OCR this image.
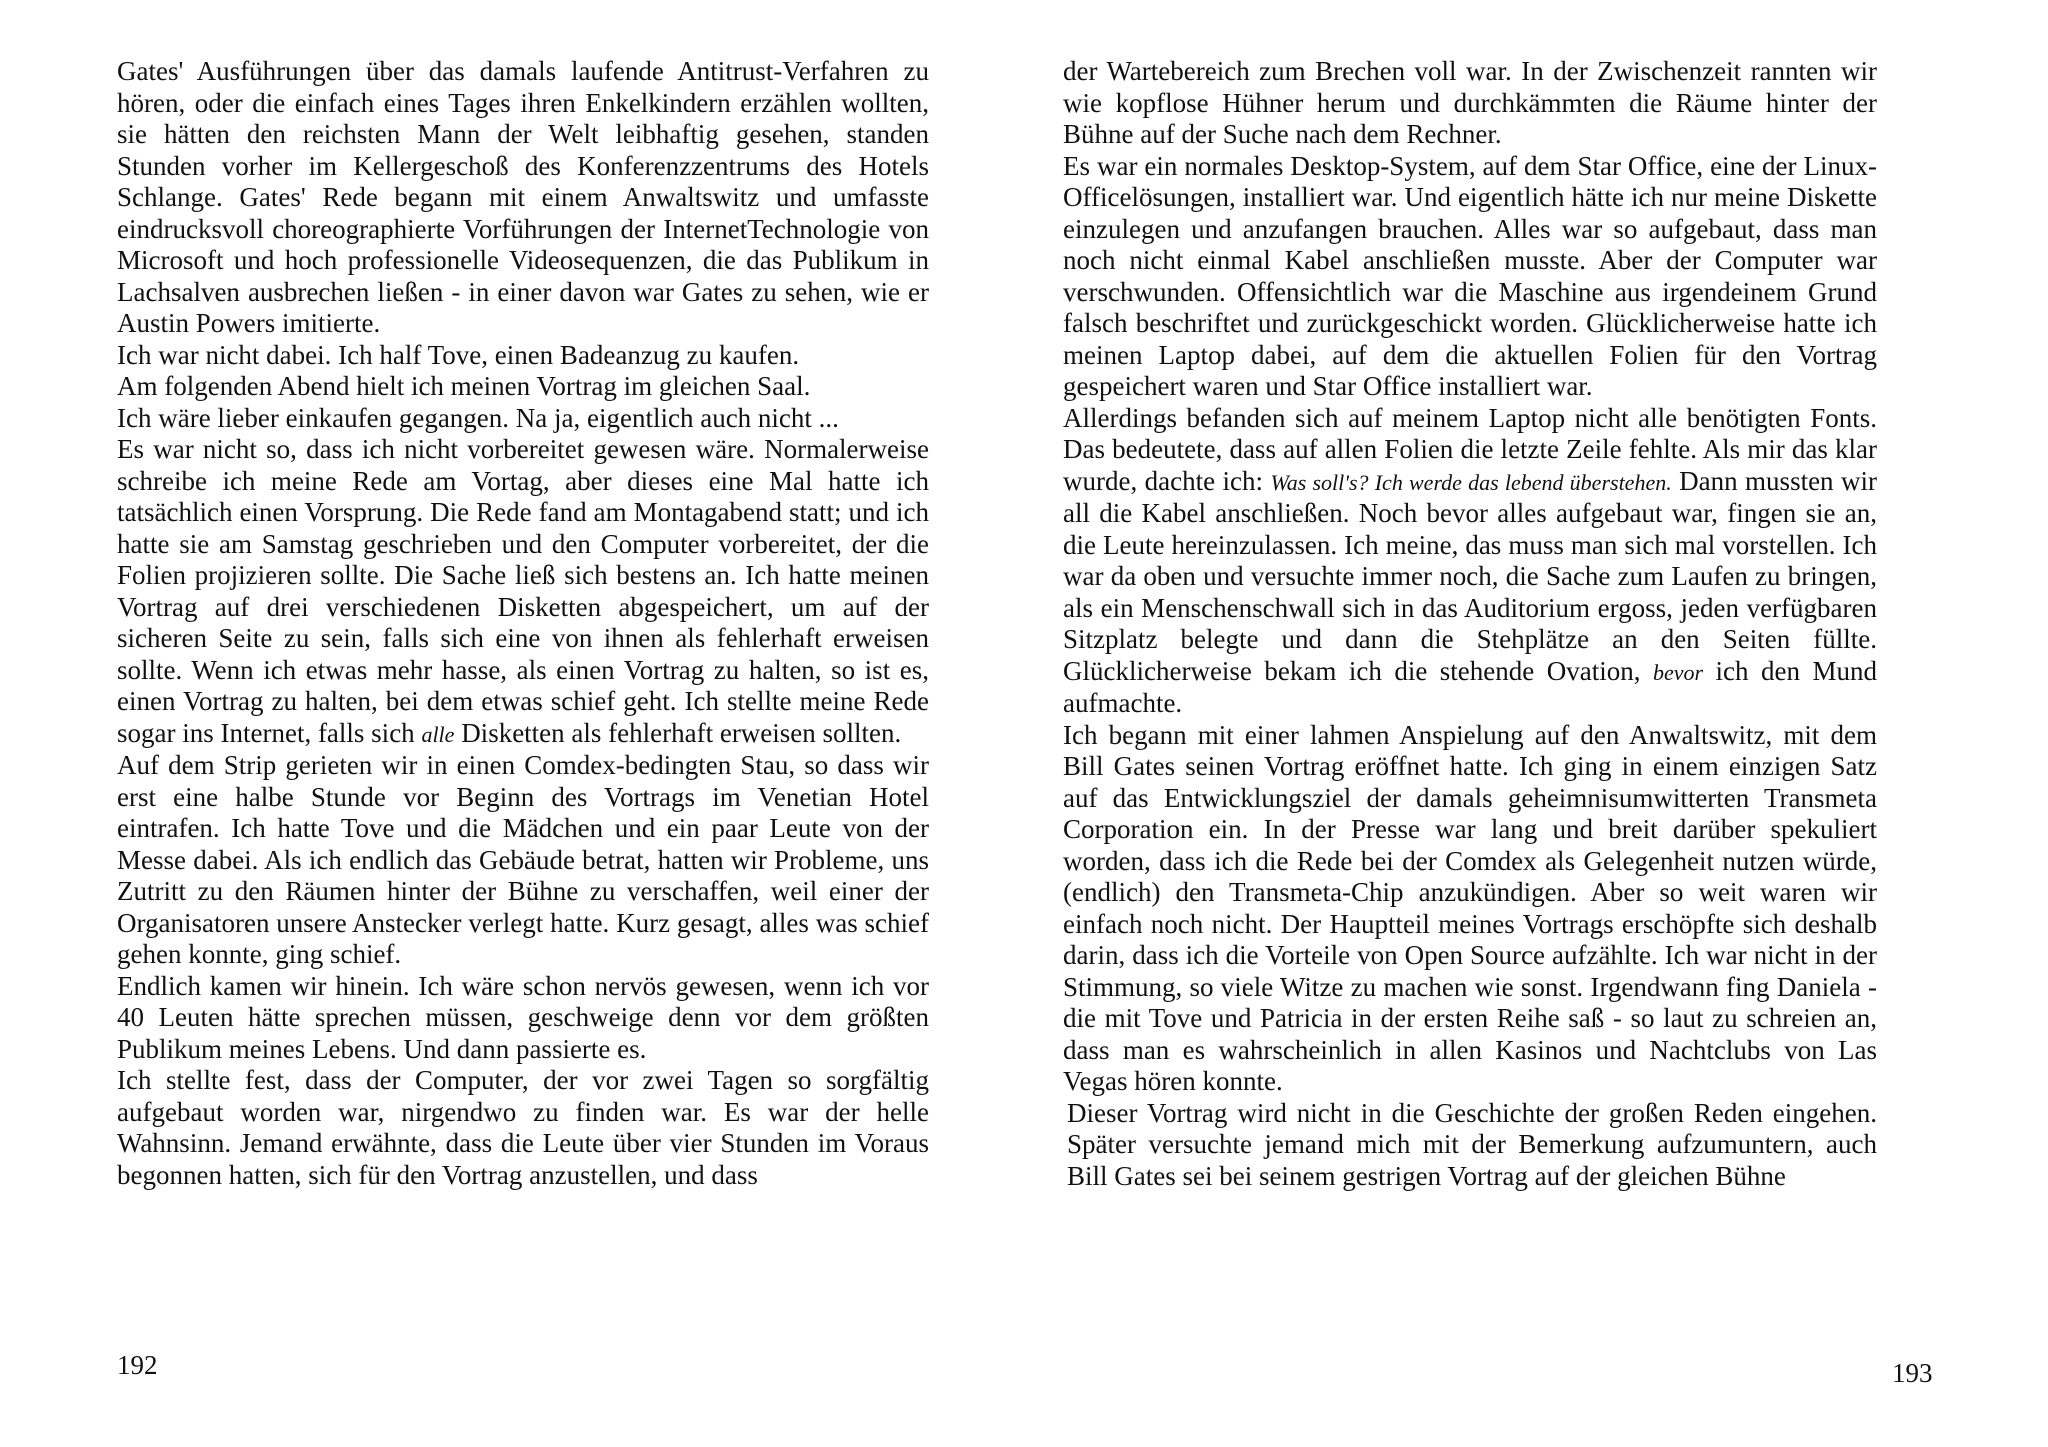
Gates' Ausführungen über das damals laufende Antitrust-Verfahren zu hören, oder die einfach eines Tages ihren Enkelkindern erzählen wollten, sie hätten den reichsten Mann der Welt leibhaftig gesehen, standen Stunden vorher im Kellergeschoß des Konferenzzentrums des Hotels Schlange. Gates' Rede begann mit einem Anwaltswitz und umfasste eindrucksvoll choreographierte Vorführungen der InternetTechnologie von Microsoft und hoch professionelle Videosequenzen, die das Publikum in Lachsalven ausbrechen ließen - in einer davon war Gates zu sehen, wie er Austin Powers imitierte.

Ich war nicht dabei. Ich half Tove, einen Badeanzug zu kaufen.

Am folgenden Abend hielt ich meinen Vortrag im gleichen Saal.

Ich wäre lieber einkaufen gegangen. Na ja, eigentlich auch nicht ...

Es war nicht so, dass ich nicht vorbereitet gewesen wäre. Normalerweise schreibe ich meine Rede am Vortag, aber dieses eine Mal hatte ich tatsächlich einen Vorsprung. Die Rede fand am Montagabend statt; und ich hatte sie am Samstag geschrieben und den Computer vorbereitet, der die Folien projizieren sollte. Die Sache ließ sich bestens an. Ich hatte meinen Vortrag auf drei verschiedenen Disketten abgespeichert, um auf der sicheren Seite zu sein, falls sich eine von ihnen als fehlerhaft erweisen sollte. Wenn ich etwas mehr hasse, als einen Vortrag zu halten, so ist es, einen Vortrag zu halten, bei dem etwas schief geht. Ich stellte meine Rede sogar ins Internet, falls sich alle Disketten als fehlerhaft erweisen sollten.

Auf dem Strip gerieten wir in einen Comdex-bedingten Stau, so dass wir erst eine halbe Stunde vor Beginn des Vortrags im Venetian Hotel eintrafen. Ich hatte Tove und die Mädchen und ein paar Leute von der Messe dabei. Als ich endlich das Gebäude betrat, hatten wir Probleme, uns Zutritt zu den Räumen hinter der Bühne zu verschaffen, weil einer der Organisatoren unsere Anstecker verlegt hatte. Kurz gesagt, alles was schief gehen konnte, ging schief.

Endlich kamen wir hinein. Ich wäre schon nervös gewesen, wenn ich vor 40 Leuten hätte sprechen müssen, geschweige denn vor dem größten Publikum meines Lebens. Und dann passierte es.

Ich stellte fest, dass der Computer, der vor zwei Tagen so sorgfältig aufgebaut worden war, nirgendwo zu finden war. Es war der helle Wahnsinn. Jemand erwähnte, dass die Leute über vier Stunden im Voraus begonnen hatten, sich für den Vortrag anzustellen, und dass

192

der Wartebereich zum Brechen voll war. In der Zwischenzeit rannten wir wie kopflose Hühner herum und durchkämmten die Räume hinter der Bühne auf der Suche nach dem Rechner.

Es war ein normales Desktop-System, auf dem Star Office, eine der Linux-Officelösungen, installiert war. Und eigentlich hätte ich nur meine Diskette einzulegen und anzufangen brauchen. Alles war so aufgebaut, dass man noch nicht einmal Kabel anschließen musste. Aber der Computer war verschwunden. Offensichtlich war die Maschine aus irgendeinem Grund falsch beschriftet und zurückgeschickt worden. Glücklicherweise hatte ich meinen Laptop dabei, auf dem die aktuellen Folien für den Vortrag gespeichert waren und Star Office installiert war.

Allerdings befanden sich auf meinem Laptop nicht alle benötigten Fonts. Das bedeutete, dass auf allen Folien die letzte Zeile fehlte. Als mir das klar wurde, dachte ich: Was soll's? Ich werde das lebend überstehen. Dann mussten wir all die Kabel anschließen. Noch bevor alles aufgebaut war, fingen sie an, die Leute hereinzulassen. Ich meine, das muss man sich mal vorstellen. Ich war da oben und versuchte immer noch, die Sache zum Laufen zu bringen, als ein Menschenschwall sich in das Auditorium ergoss, jeden verfügbaren Sitzplatz belegte und dann die Stehplätze an den Seiten füllte. Glücklicherweise bekam ich die stehende Ovation, bevor ich den Mund aufmachte.

Ich begann mit einer lahmen Anspielung auf den Anwaltswitz, mit dem Bill Gates seinen Vortrag eröffnet hatte. Ich ging in einem einzigen Satz auf das Entwicklungsziel der damals geheimnisumwitterten Transmeta Corporation ein. In der Presse war lang und breit darüber spekuliert worden, dass ich die Rede bei der Comdex als Gelegenheit nutzen würde, (endlich) den Transmeta-Chip anzukündigen. Aber so weit waren wir einfach noch nicht. Der Hauptteil meines Vortrags erschöpfte sich deshalb darin, dass ich die Vorteile von Open Source aufzählte. Ich war nicht in der Stimmung, so viele Witze zu machen wie sonst. Irgendwann fing Daniela - die mit Tove und Patricia in der ersten Reihe saß - so laut zu schreien an, dass man es wahrscheinlich in allen Kasinos und Nachtclubs von Las Vegas hören konnte.

Dieser Vortrag wird nicht in die Geschichte der großen Reden eingehen. Später versuchte jemand mich mit der Bemerkung aufzumuntern, auch Bill Gates sei bei seinem gestrigen Vortrag auf der gleichen Bühne

193
